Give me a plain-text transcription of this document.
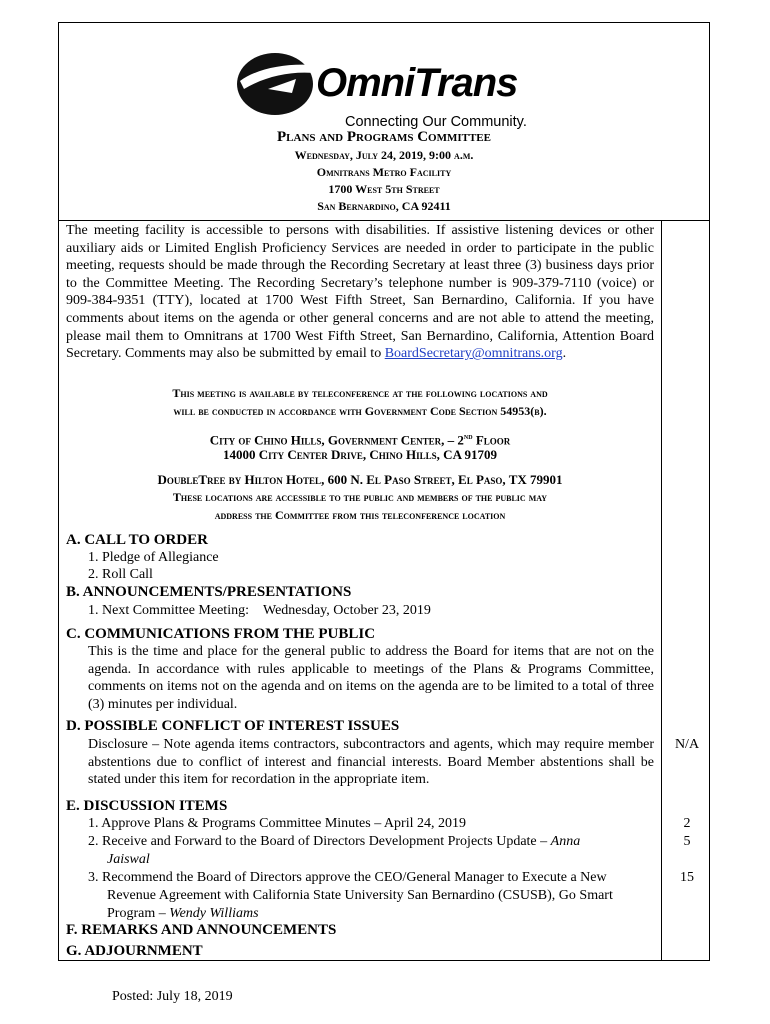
OmniTrans
Connecting Our Community.
Plans and Programs Committee
Wednesday, July 24, 2019, 9:00 a.m.
Omnitrans Metro Facility
1700 West 5th Street
San Bernardino, CA 92411
The meeting facility is accessible to persons with disabilities. If assistive listening devices or other auxiliary aids or Limited English Proficiency Services are needed in order to participate in the public meeting, requests should be made through the Recording Secretary at least three (3) business days prior to the Committee Meeting. The Recording Secretary’s telephone number is 909-379-7110 (voice) or 909-384-9351 (TTY), located at 1700 West Fifth Street, San Bernardino, California. If you have comments about items on the agenda or other general concerns and are not able to attend the meeting, please mail them to Omnitrans at 1700 West Fifth Street, San Bernardino, California, Attention Board Secretary. Comments may also be submitted by email to BoardSecretary@omnitrans.org.
This meeting is available by teleconference at the following locations and
will be conducted in accordance with Government Code Section 54953(b).
City of Chino Hills, Government Center, – 2nd Floor
14000 City Center Drive, Chino Hills, CA 91709
DoubleTree by Hilton Hotel, 600 N. El Paso Street, El Paso, TX 79901
These locations are accessible to the public and members of the public may
address the Committee from this teleconference location
A. CALL TO ORDER
1. Pledge of Allegiance
2. Roll Call
B. ANNOUNCEMENTS/PRESENTATIONS
1. Next Committee Meeting: Wednesday, October 23, 2019
C. COMMUNICATIONS FROM THE PUBLIC
This is the time and place for the general public to address the Board for items that are not on the agenda. In accordance with rules applicable to meetings of the Plans & Programs Committee, comments on items not on the agenda and on items on the agenda are to be limited to a total of three (3) minutes per individual.
D. POSSIBLE CONFLICT OF INTEREST ISSUES
Disclosure – Note agenda items contractors, subcontractors and agents, which may require member abstentions due to conflict of interest and financial interests. Board Member abstentions shall be stated under this item for recordation in the appropriate item.
N/A
E. DISCUSSION ITEMS
1. Approve Plans & Programs Committee Minutes – April 24, 2019	2
2. Receive and Forward to the Board of Directors Development Projects Update – Anna
Jaiswal
5
3. Recommend the Board of Directors approve the CEO/General Manager to Execute a New
Revenue Agreement with California State University San Bernardino (CSUSB), Go Smart
Program – Wendy Williams
15
F. REMARKS AND ANNOUNCEMENTS
G. ADJOURNMENT
Posted: July 18, 2019
